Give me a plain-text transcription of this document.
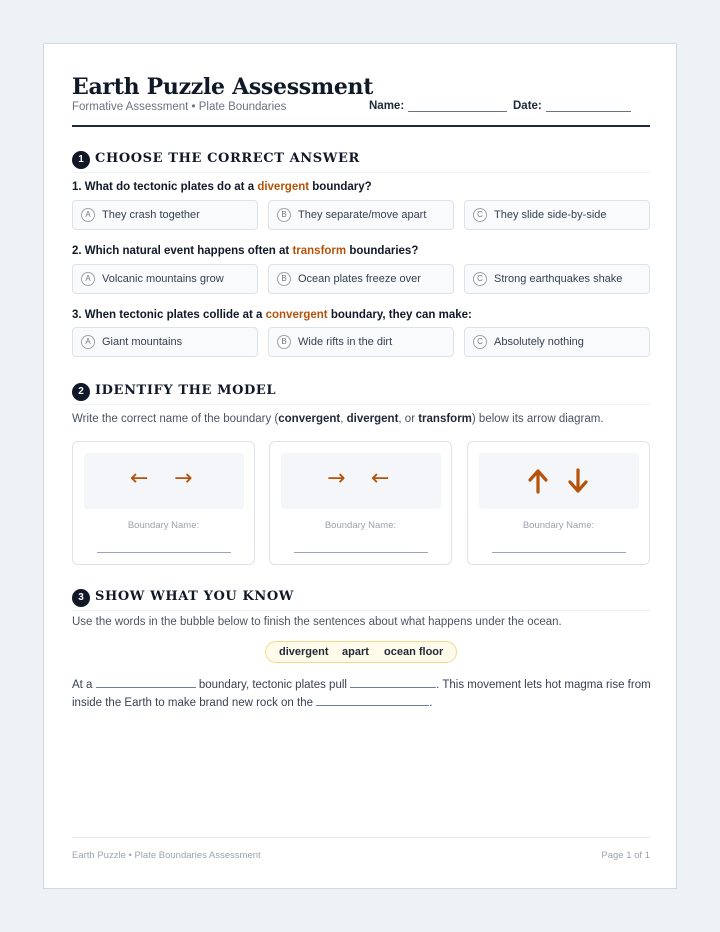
Earth Puzzle Assessment
Formative Assessment • Plate Boundaries	Name:	Date:
1 CHOOSE THE CORRECT ANSWER
1. What do tectonic plates do at a divergent boundary?
A	They crash together	B	They separate/move apart	C	They slide side-by-side
2. Which natural event happens often at transform boundaries?
A	Volcanic mountains grow	B	Ocean plates freeze over	C	Strong earthquakes shake
3. When tectonic plates collide at a convergent boundary, they can make:
A	Giant mountains	B	Wide rifts in the dirt	C	Absolutely nothing
2 IDENTIFY THE MODEL
Write the correct name of the boundary (convergent, divergent, or transform) below its arrow diagram.
← →
Boundary Name:
→ ←
Boundary Name:	Boundary Name:
3 SHOW WHAT YOU KNOW
Use the words in the bubble below to finish the sentences about what happens under the ocean.
divergent apart ocean floor
At a	boundary, tectonic plates pull	. This movement lets hot magma rise from
inside the Earth to make brand new rock on the	.
Earth Puzzle • Plate Boundaries Assessment	Page 1 of 1
